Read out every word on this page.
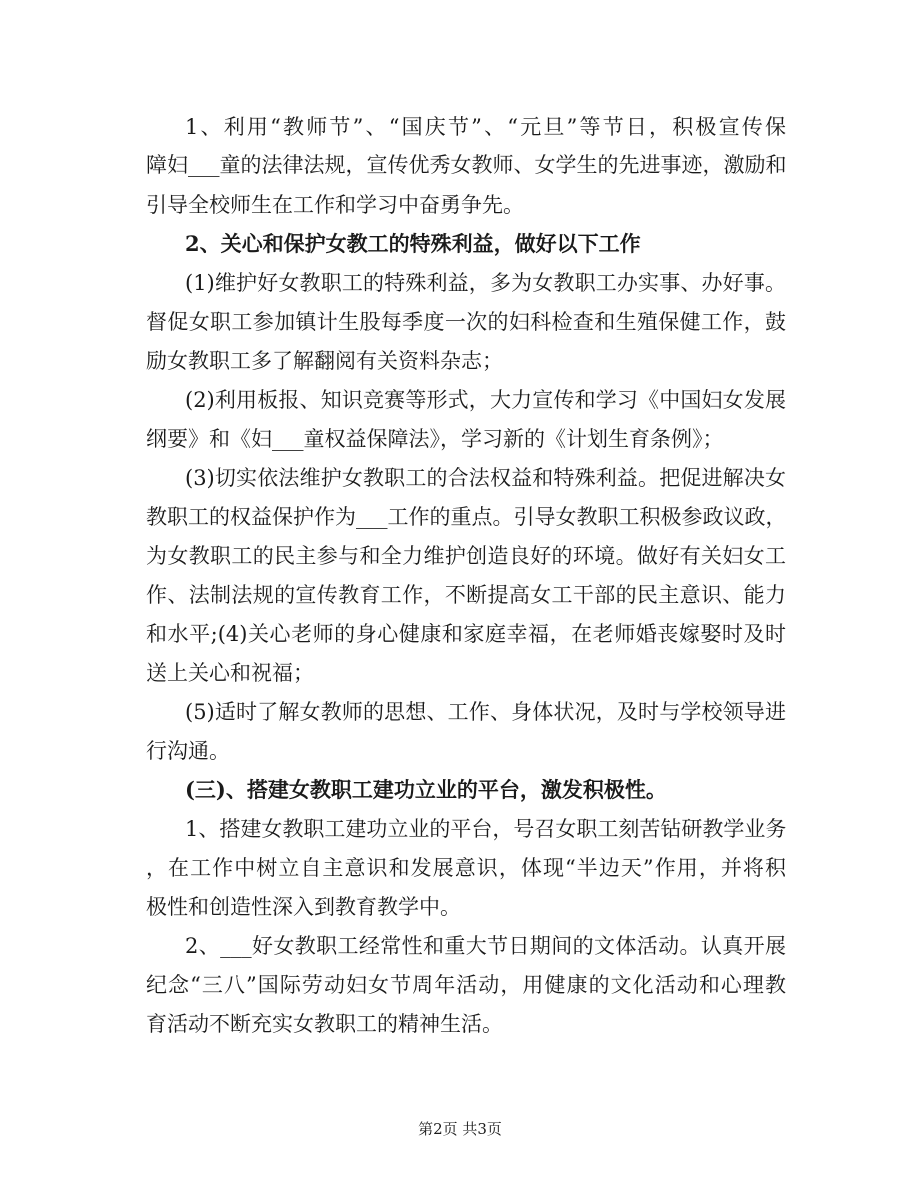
1、利用“教师节”、“国庆节”、“元旦”等节日，积极宣传保
障妇___童的法律法规，宣传优秀女教师、女学生的先进事迹，激励和
引导全校师生在工作和学习中奋勇争先。
2、关心和保护女教工的特殊利益，做好以下工作
(1)维护好女教职工的特殊利益，多为女教职工办实事、办好事。
督促女职工参加镇计生股每季度一次的妇科检查和生殖保健工作，鼓
励女教职工多了解翻阅有关资料杂志；
(2)利用板报、知识竞赛等形式，大力宣传和学习《中国妇女发展
纲要》和《妇___童权益保障法》，学习新的《计划生育条例》；
(3)切实依法维护女教职工的合法权益和特殊利益。把促进解决女
教职工的权益保护作为___工作的重点。引导女教职工积极参政议政，
为女教职工的民主参与和全力维护创造良好的环境。做好有关妇女工
作、法制法规的宣传教育工作，不断提高女工干部的民主意识、能力
和水平;(4)关心老师的身心健康和家庭幸福，在老师婚丧嫁娶时及时
送上关心和祝福；
(5)适时了解女教师的思想、工作、身体状况，及时与学校领导进
行沟通。
(三)、搭建女教职工建功立业的平台，激发积极性。
1、搭建女教职工建功立业的平台，号召女职工刻苦钻研教学业务
，在工作中树立自主意识和发展意识，体现“半边天”作用，并将积
极性和创造性深入到教育教学中。
2、___好女教职工经常性和重大节日期间的文体活动。认真开展
纪念“三八”国际劳动妇女节周年活动，用健康的文化活动和心理教
育活动不断充实女教职工的精神生活。
第2页 共3页
